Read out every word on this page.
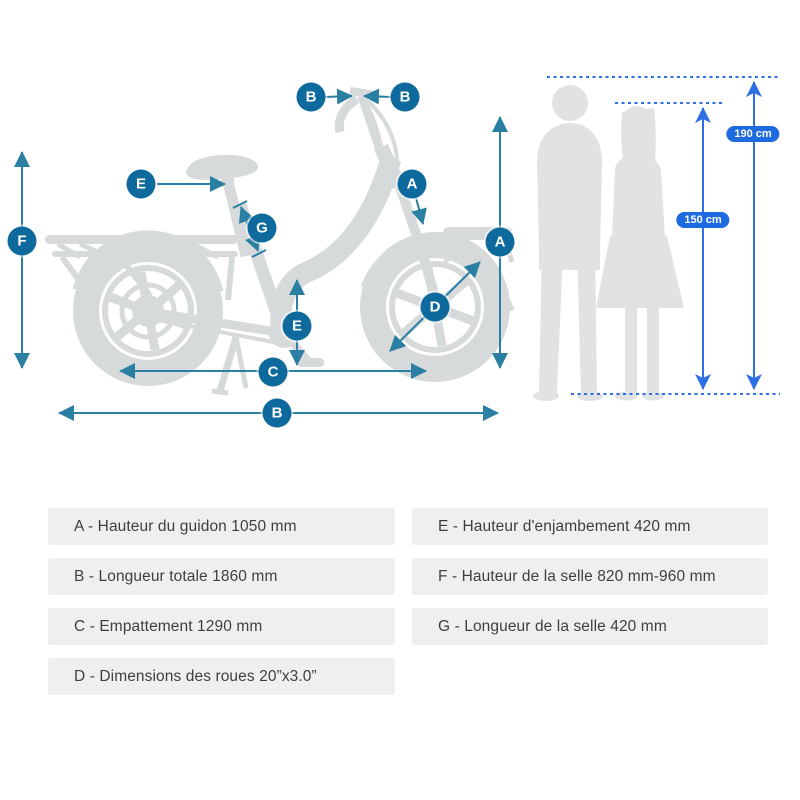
B	B
E	A
G
F	A
D
E
C
B
190 cm
150 cm
A - Hauteur du guidon 1050 mm
B - Longueur totale 1860 mm
C - Empattement 1290 mm
D - Dimensions des roues 20”x3.0”
E - Hauteur d'enjambement 420 mm
F - Hauteur de la selle 820 mm-960 mm
G - Longueur de la selle 420 mm
